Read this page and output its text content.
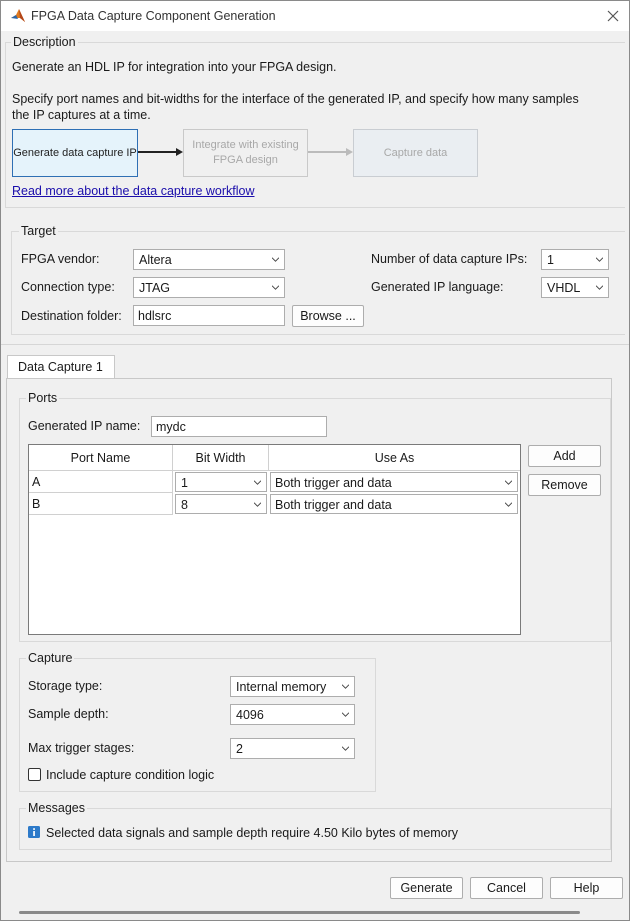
FPGA Data Capture Component Generation
Description
Generate an HDL IP for integration into your FPGA design.
Specify port names and bit-widths for the interface of the generated IP, and specify how many samples
the IP captures at a time.
Generate data capture IP
Integrate with existing FPGA design
Capture data
Read more about the data capture workflow
Target
FPGA vendor:	Altera
Connection type: JTAG
Destination folder: hdlsrc	Browse ...
Number of data capture IPs: 1
Generated IP language:	VHDL
Data Capture 1
Ports
Generated IP name: mydc
Port Name	Bit Width	Use As
A	1	Both trigger and data
B	8	Both trigger and data
Add
Remove
Capture
Storage type:	Internal memory
Sample depth:	4096
Max trigger stages:	2
Include capture condition logic
Messages
Selected data signals and sample depth require 4.50 Kilo bytes of memory
Generate	Cancel	Help
